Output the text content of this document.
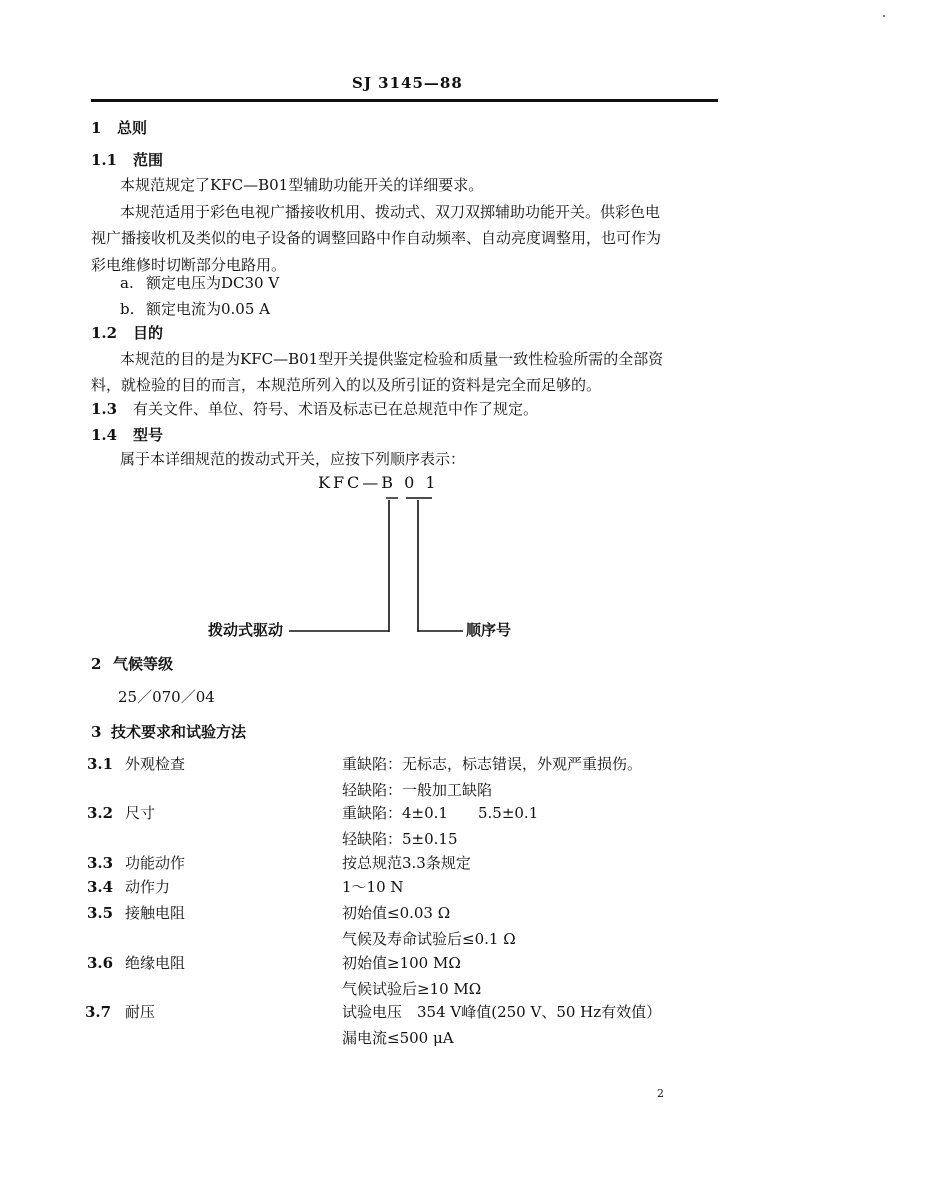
SJ 3145—88
1 总则
1.1 范围
本规范规定了KFC—B01型辅助功能开关的详细要求。
本规范适用于彩色电视广播接收机用、拨动式、双刀双掷辅助功能开关。供彩色电
视广播接收机及类似的电子设备的调整回路中作自动频率、自动亮度调整用，也可作为
彩电维修时切断部分电路用。
a. 额定电压为DC30 V
b. 额定电流为0.05 A
1.2 目的
本规范的目的是为KFC—B01型开关提供鉴定检验和质量一致性检验所需的全部资
料，就检验的目的而言，本规范所列入的以及所引证的资料是完全而足够的。
1.3 有关文件、单位、符号、术语及标志已在总规范中作了规定。
1.4 型号
属于本详细规范的拨动式开关，应按下列顺序表示：
KFC—B 0 1
拨动式驱动	顺序号
2 气候等级
25／070／04
3 技术要求和试验方法
3.1 外观检查	重缺陷：无标志，标志错误，外观严重损伤。
轻缺陷：一般加工缺陷
3.2 尺寸	重缺陷：4±0.1　　5.5±0.1
轻缺陷：5±0.15
3.3 功能动作	按总规范3.3条规定
3.4 动作力	1～10 N
3.5 接触电阻	初始值≤0.03 Ω
气候及寿命试验后≤0.1 Ω
3.6 绝缘电阻	初始值≥100 MΩ
气候试验后≥10 MΩ
3.7 耐压	试验电压　354 V峰值(250 V、50 Hz有效值）
漏电流≤500 μA
2
